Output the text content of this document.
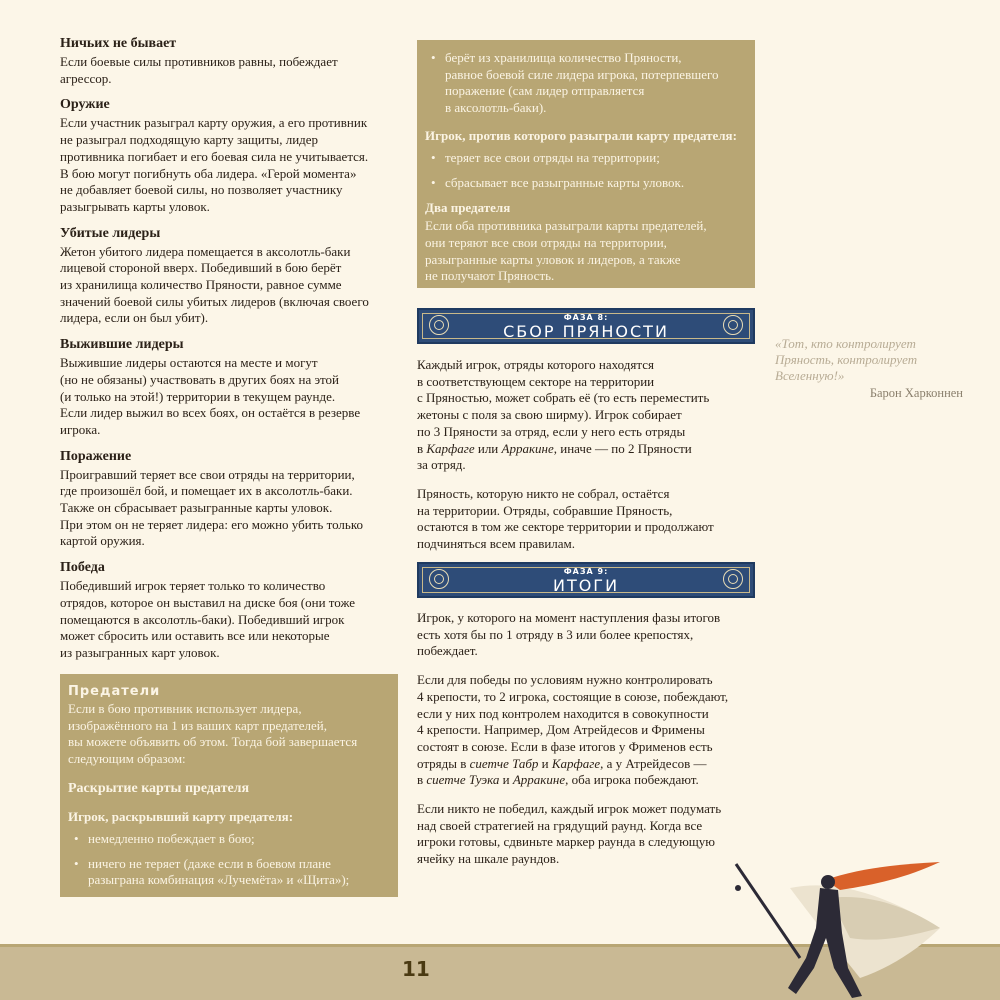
Ничьих не бывает

Если боевые силы противников равны, побеждает
агрессор.

Оружие

Если участник разыграл карту оружия, а его противник
не разыграл подходящую карту защиты, лидер
противника погибает и его боевая сила не учитывается.
В бою могут погибнуть оба лидера. «Герой момента»
не добавляет боевой силы, но позволяет участнику
разыгрывать карты уловок.

Убитые лидеры

Жетон убитого лидера помещается в аксолотль-баки
лицевой стороной вверх. Победивший в бою берёт
из хранилища количество Пряности, равное сумме
значений боевой силы убитых лидеров (включая своего
лидера, если он был убит).

Выжившие лидеры

Выжившие лидеры остаются на месте и могут
(но не обязаны) участвовать в других боях на этой
(и только на этой!) территории в текущем раунде.
Если лидер выжил во всех боях, он остаётся в резерве
игрока.

Поражение

Проигравший теряет все свои отряды на территории,
где произошёл бой, и помещает их в аксолотль-баки.
Также он сбрасывает разыгранные карты уловок.
При этом он не теряет лидера: его можно убить только
картой оружия.

Победа

Победивший игрок теряет только то количество
отрядов, которое он выставил на диске боя (они тоже
помещаются в аксолотль-баки). Победивший игрок
может сбросить или оставить все или некоторые
из разыгранных карт уловок.

Предатели

Если в бою противник использует лидера,
изображённого на 1 из ваших карт предателей,
вы можете объявить об этом. Тогда бой завершается
следующим образом:

Раскрытие карты предателя
Игрок, раскрывший карту предателя:
• немедленно побеждает в бою;
• ничего не теряет (даже если в боевом плане
разыграна комбинация «Лучемёта» и «Щита»);
• берёт из хранилища количество Пряности,
равное боевой силе лидера игрока, потерпевшего
поражение (сам лидер отправляется
в аксолотль-баки).
Игрок, против которого разыграли карту предателя:
• теряет все свои отряды на территории;
• сбрасывает все разыгранные карты уловок.
Два предателя

Если оба противника разыграли карты предателей,
они теряют все свои отряды на территории,
разыгранные карты уловок и лидеров, а также
не получают Пряность.

ФАЗА 8:
СБОР ПРЯНОСТИ

Каждый игрок, отряды которого находятся
в соответствующем секторе на территории
с Пряностью, может собрать её (то есть переместить
жетоны с поля за свою ширму). Игрок собирает
по 3 Пряности за отряд, если у него есть отряды
в Карфаге или Арракине, иначе — по 2 Пряности
за отряд.

Пряность, которую никто не собрал, остаётся
на территории. Отряды, собравшие Пряность,
остаются в том же секторе территории и продолжают
подчиняться всем правилам.

ФАЗА 9:
ИТОГИ

Игрок, у которого на момент наступления фазы итогов
есть хотя бы по 1 отряду в 3 или более крепостях,
побеждает.

Если для победы по условиям нужно контролировать
4 крепости, то 2 игрока, состоящие в союзе, побеждают,
если у них под контролем находится в совокупности
4 крепости. Например, Дом Атрейдесов и Фримены
состоят в союзе. Если в фазе итогов у Фрименов есть
отряды в сиетче Табр и Карфаге, а у Атрейдесов —
в сиетче Туэка и Арракине, оба игрока побеждают.

Если никто не победил, каждый игрок может подумать
над своей стратегией на грядущий раунд. Когда все
игроки готовы, сдвиньте маркер раунда в следующую
ячейку на шкале раундов.

«Тот, кто контролирует
Пряность, контролирует
Вселенную!»
Барон Харконнен
11
